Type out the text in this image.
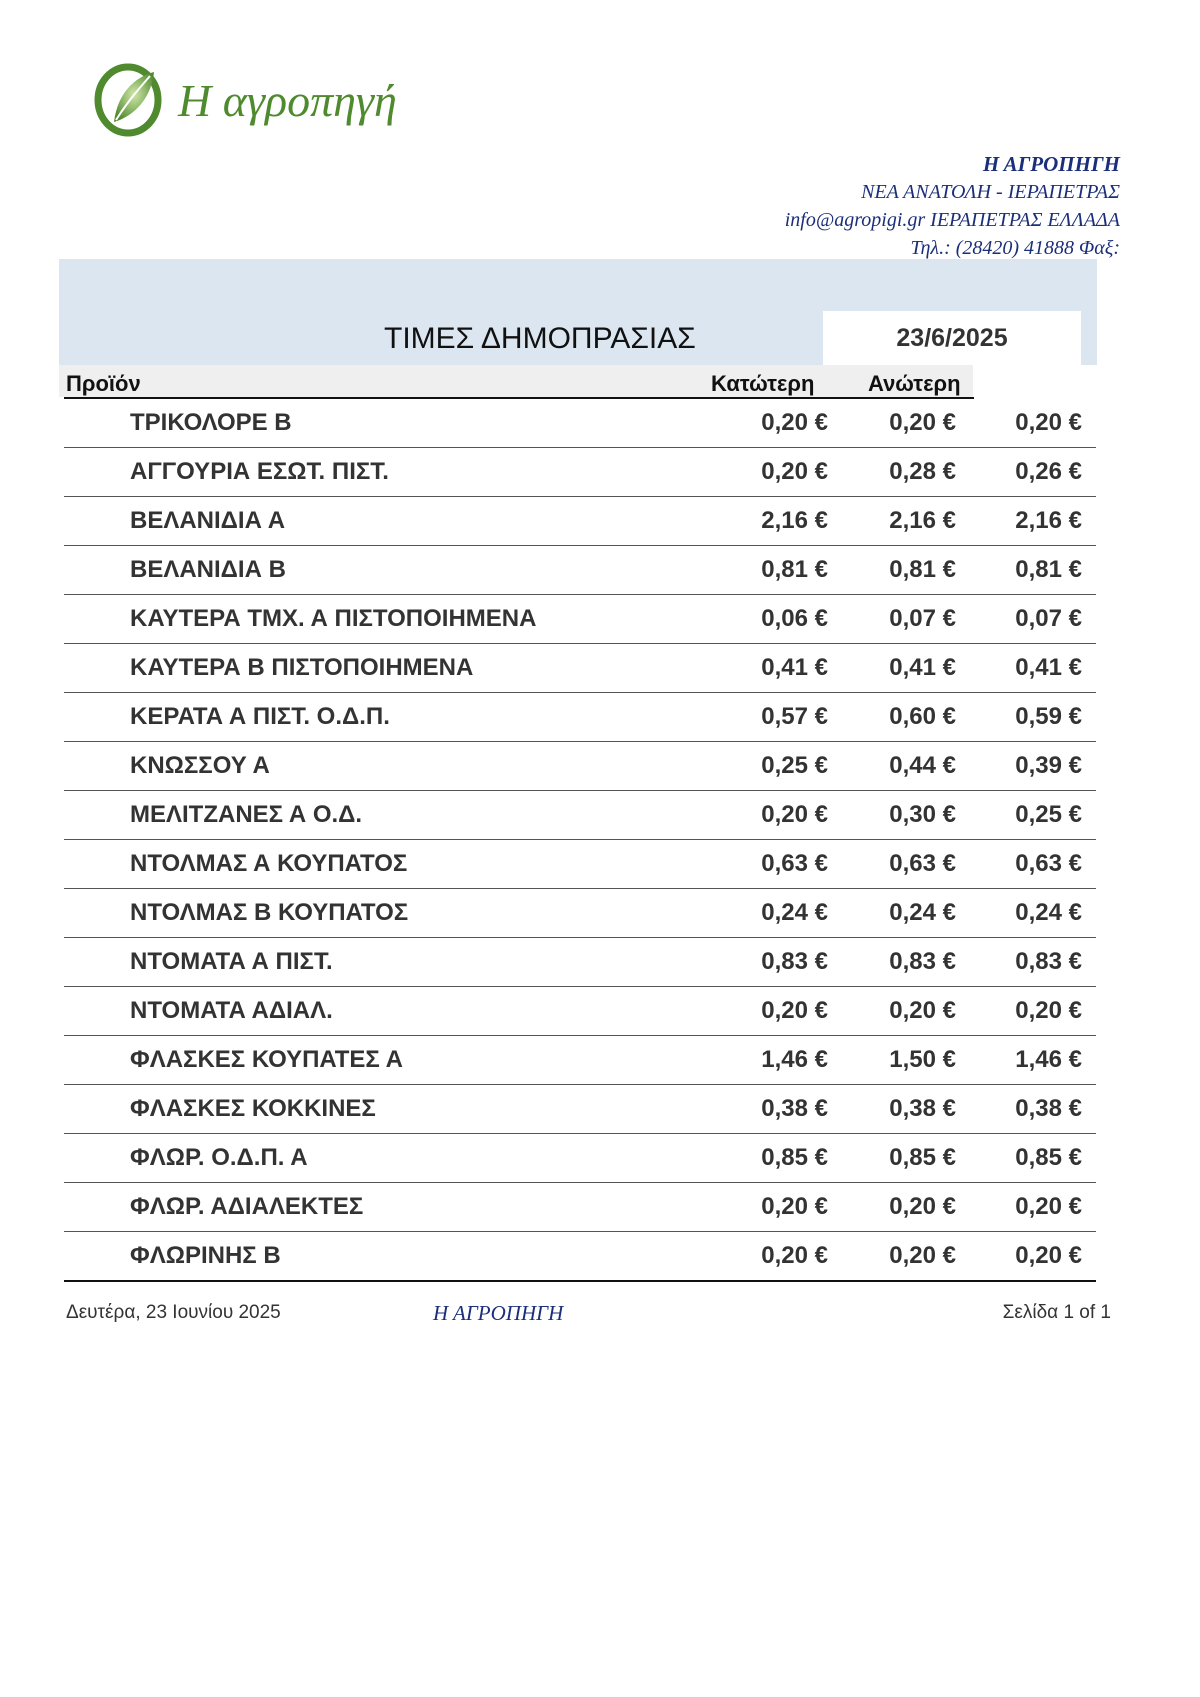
Η αγροπηγή
Η ΑΓΡΟΠΗΓΗ
ΝΕΑ ΑΝΑΤΟΛΗ - ΙΕΡΑΠΕΤΡΑΣ
info@agropigi.gr ΙΕΡΑΠΕΤΡΑΣ ΕΛΛΑΔΑ
Τηλ.: (28420) 41888 Φαξ:
ΤΙΜΕΣ ΔΗΜΟΠΡΑΣΙΑΣ	23/6/2025
Προϊόν	Κατώτερη Ανώτερη
ΤΡΙΚΟΛΟΡΕ Β	0,20 €	0,20 € 0,20 €
ΑΓΓΟΥΡΙΑ ΕΣΩΤ. ΠΙΣΤ.	0,20 €	0,28 € 0,26 €
ΒΕΛΑΝΙΔΙΑ Α	2,16 €	2,16 € 2,16 €
ΒΕΛΑΝΙΔΙΑ Β	0,81 €	0,81 € 0,81 €
ΚΑΥΤΕΡΑ ΤΜΧ. Α ΠΙΣΤΟΠΟΙΗΜΕΝΑ	0,06 €	0,07 € 0,07 €
ΚΑΥΤΕΡΑ Β ΠΙΣΤΟΠΟΙΗΜΕΝΑ	0,41 €	0,41 € 0,41 €
ΚΕΡΑΤΑ Α ΠΙΣΤ. Ο.Δ.Π.	0,57 €	0,60 € 0,59 €
ΚΝΩΣΣΟΥ Α	0,25 €	0,44 € 0,39 €
ΜΕΛΙΤΖΑΝΕΣ Α Ο.Δ.	0,20 €	0,30 € 0,25 €
ΝΤΟΛΜΑΣ Α ΚΟΥΠΑΤΟΣ	0,63 €	0,63 € 0,63 €
ΝΤΟΛΜΑΣ Β ΚΟΥΠΑΤΟΣ	0,24 €	0,24 € 0,24 €
ΝΤΟΜΑΤΑ Α ΠΙΣΤ.	0,83 €	0,83 € 0,83 €
ΝΤΟΜΑΤΑ ΑΔΙΑΛ.	0,20 €	0,20 € 0,20 €
ΦΛΑΣΚΕΣ ΚΟΥΠΑΤΕΣ Α	1,46 €	1,50 € 1,46 €
ΦΛΑΣΚΕΣ ΚΟΚΚΙΝΕΣ	0,38 €	0,38 € 0,38 €
ΦΛΩΡ. Ο.Δ.Π. Α	0,85 €	0,85 € 0,85 €
ΦΛΩΡ. ΑΔΙΑΛΕΚΤΕΣ	0,20 €	0,20 € 0,20 €
ΦΛΩΡΙΝΗΣ Β	0,20 €	0,20 € 0,20 €
Δευτέρα, 23 Ιουνίου 2025	Η ΑΓΡΟΠΗΓΗ	Σελίδα 1 of 1
